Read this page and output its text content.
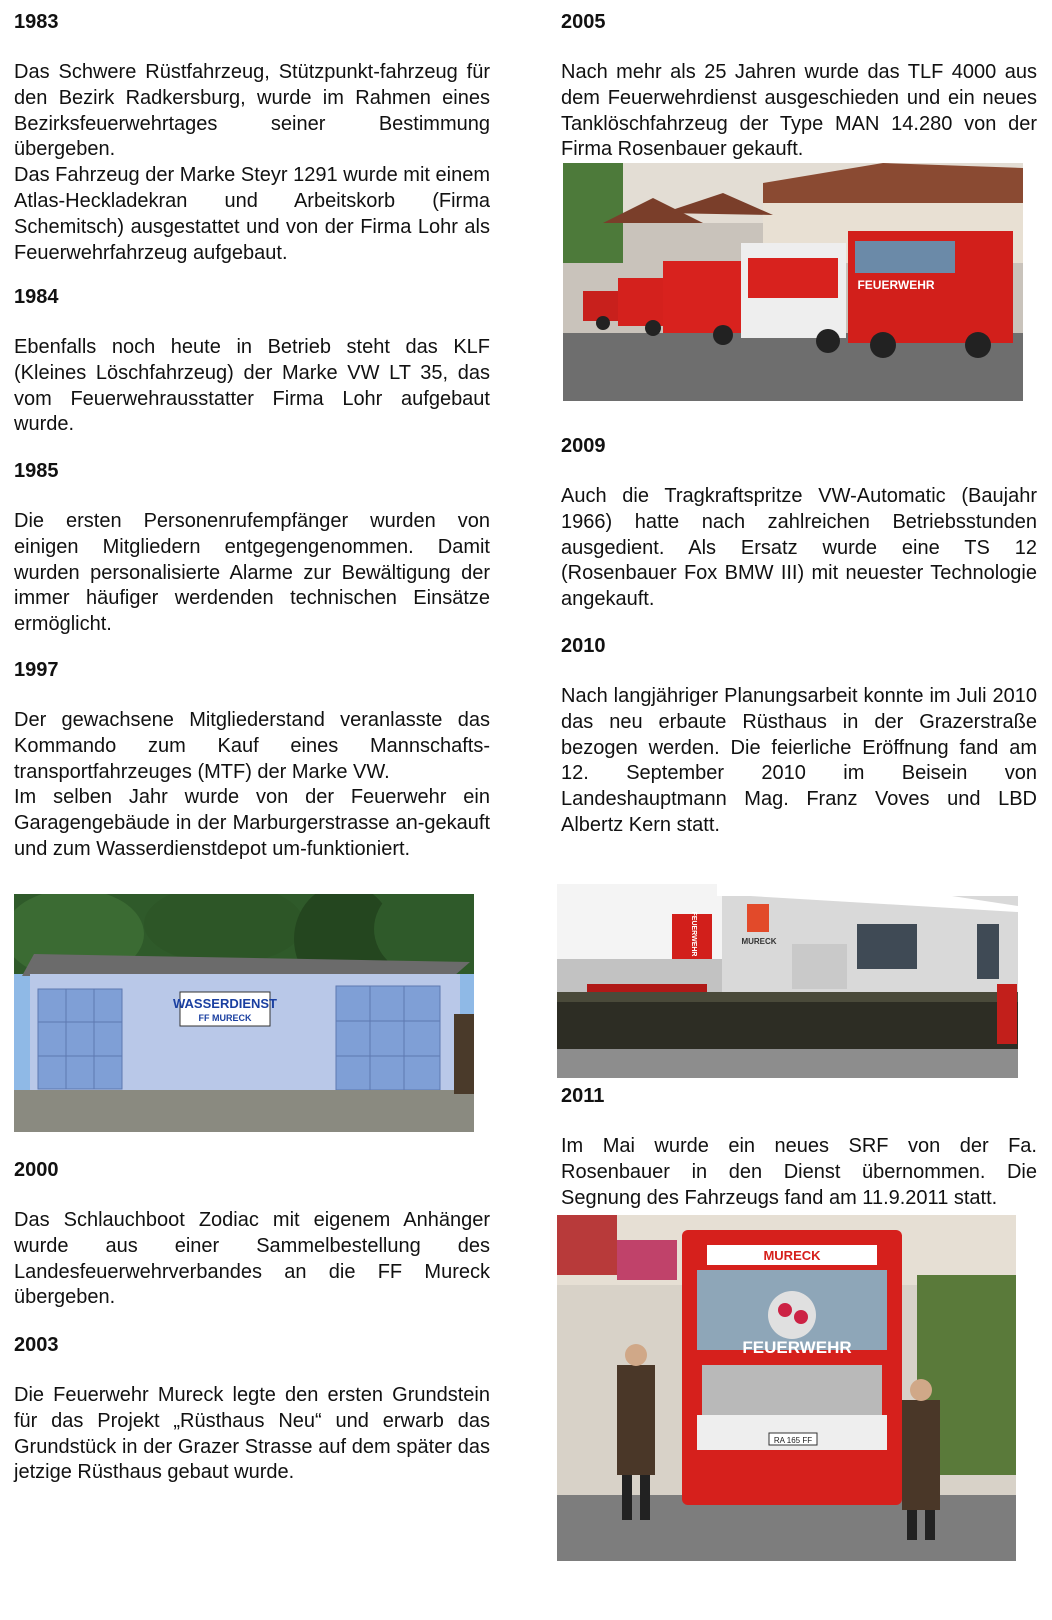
1983

Das Schwere Rüstfahrzeug, Stützpunkt-fahrzeug für den Bezirk Radkersburg, wurde im Rahmen eines Bezirksfeuerwehrtages seiner Bestimmung übergeben.

Das Fahrzeug der Marke Steyr 1291 wurde mit einem Atlas-Heckladekran und Arbeitskorb (Firma Schemitsch) ausgestattet und von der Firma Lohr als Feuerwehrfahrzeug aufgebaut.

1984

Ebenfalls noch heute in Betrieb steht das KLF (Kleines Löschfahrzeug) der Marke VW LT 35, das vom Feuerwehrausstatter Firma Lohr aufgebaut wurde.

1985

Die ersten Personenrufempfänger wurden von einigen Mitgliedern entgegengenommen. Damit wurden personalisierte Alarme zur Bewältigung der immer häufiger werdenden technischen Einsätze ermöglicht.

1997

Der gewachsene Mitgliederstand veranlasste das Kommando zum Kauf eines Mannschafts-transportfahrzeuges (MTF) der Marke VW.

Im selben Jahr wurde von der Feuerwehr ein Garagengebäude in der Marburgerstrasse an-gekauft und zum Wasserdienstdepot um-funktioniert.

WASSERDIENST
FF MURECK

2000

Das Schlauchboot Zodiac mit eigenem Anhänger wurde aus einer Sammelbestellung des Landesfeuerwehrverbandes an die FF Mureck übergeben.

2003

Die Feuerwehr Mureck legte den ersten Grundstein für das Projekt „Rüsthaus Neu“ und erwarb das Grundstück in der Grazer Strasse auf dem später das jetzige Rüsthaus gebaut wurde.

2005

Nach mehr als 25 Jahren wurde das TLF 4000 aus dem Feuerwehrdienst ausgeschieden und ein neues Tanklöschfahrzeug der Type MAN 14.280 von der Firma Rosenbauer gekauft.

FEUERWEHR

2009

Auch die Tragkraftspritze VW-Automatic (Baujahr 1966) hatte nach zahlreichen Betriebsstunden ausgedient. Als Ersatz wurde eine TS 12 (Rosenbauer Fox BMW III) mit neuester Technologie angekauft.

2010

Nach langjähriger Planungsarbeit konnte im Juli 2010 das neu erbaute Rüsthaus in der Grazerstraße bezogen werden. Die feierliche Eröffnung fand am 12. September 2010 im Beisein von Landeshauptmann Mag. Franz Voves und LBD Albertz Kern statt.

FEUERWEHR	MURECK

2011

Im Mai wurde ein neues SRF von der Fa. Rosenbauer in den Dienst übernommen. Die Segnung des Fahrzeugs fand am 11.9.2011 statt.

MURECK
FEUERWEHR
RA 165 FF
